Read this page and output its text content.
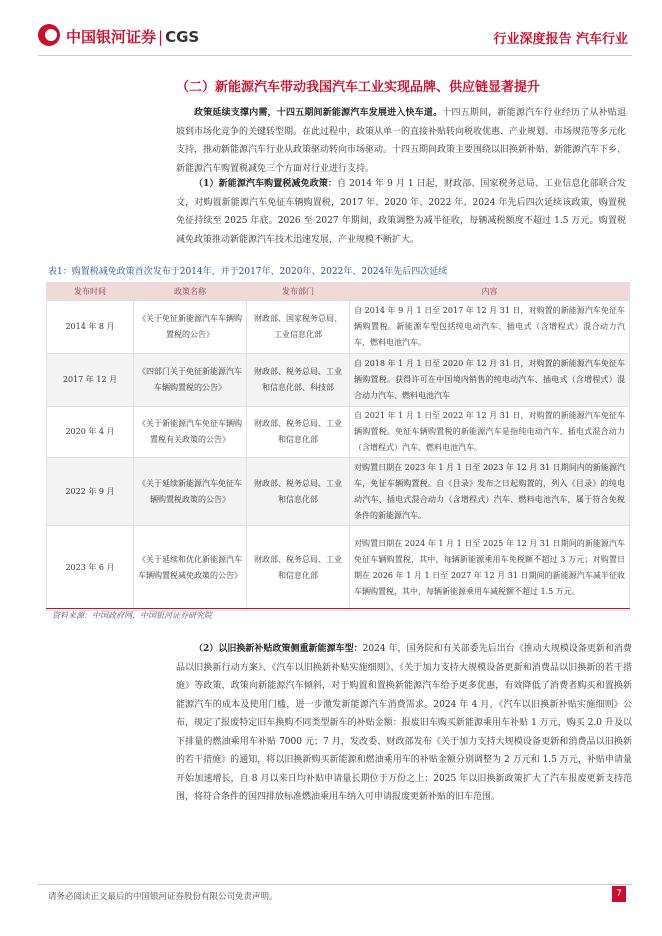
中国银河证券 | CGS	行业深度报告 汽车行业
（二）新能源汽车带动我国汽车工业实现品牌、供应链显著提升
政策延续支撑内需，十四五期间新能源汽车发展进入快车道。十四五期间，新能源汽车行业经历了从补贴退坡到市场化竞争的关键转型期。在此过程中，政策从单一的直接补贴转向税收优惠、产业规划、市场规范等多元化支持，推动新能源汽车行业从政策驱动转向市场驱动。十四五期间政策主要围绕以旧换新补贴、新能源汽车下乡、新能源汽车购置税减免三个方面对行业进行支持。
（1）新能源汽车购置税减免政策：自 2014 年 9 月 1 日起，财政部、国家税务总局、工业信息化部联合发文，对购置新能源汽车免征车辆购置税，2017 年、2020 年、2022 年、2024 年先后四次延续该政策，购置税免征持续至 2025 年底。2026 至 2027 年期间，政策调整为减半征收，每辆减税额度不超过 1.5 万元。购置税减免政策推动新能源汽车技术迅速发展，产业规模不断扩大。
表1：购置税减免政策首次发布于2014年，并于2017年、2020年、2022年、2024年先后四次延续
发布时间	政策名称	发布部门	内容
2014 年 8 月	《关于免征新能源汽车车辆购置税的公告》	财政部、国家税务总局、工业信息化部	自 2014 年 9 月 1 日至 2017 年 12 月 31 日，对购置的新能源汽车免征车辆购置税。新能源车型包括纯电动汽车、插电式（含增程式）混合动力汽车、燃料电池汽车。
2017 年 12 月	《四部门关于免征新能源汽车车辆购置税的公告》	财政部、税务总局、工业和信息化部、科技部	自 2018 年 1 月 1 日至 2020 年 12 月 31 日，对购置的新能源汽车免征车辆购置税。获得许可在中国境内销售的纯电动汽车、插电式（含增程式）混合动力汽车、燃料电池汽车
2020 年 4 月	《关于新能源汽车免征车辆购置税有关政策的公告》	财政部、税务总局、工业和信息化部	自 2021 年 1 月 1 日至 2022 年 12 月 31 日，对购置的新能源汽车免征车辆购置税。免征车辆购置税的新能源汽车是指纯电动汽车、插电式混合动力（含增程式）汽车、燃料电池汽车。
2022 年 9 月	《关于延续新能源汽车免征车辆购置税政策的公告》	财政部、税务总局、工业和信息化部	对购置日期在 2023 年 1 月 1 日至 2023 年 12 月 31 日期间内的新能源汽车，免征车辆购置税。自《目录》发布之日起购置的，列入《目录》的纯电动汽车、插电式混合动力（含增程式）汽车、燃料电池汽车，属于符合免税条件的新能源汽车。
2023 年 6 月	《关于延续和优化新能源汽车车辆购置税减免政策的公告》	财政部、税务总局、工业和信息化部	对购置日期在 2024 年 1 月 1 日至 2025 年 12 月 31 日期间的新能源汽车免征车辆购置税，其中，每辆新能源乘用车免税额不超过 3 万元；对购置日期在 2026 年 1 月 1 日至 2027 年 12 月 31 日期间的新能源汽车减半征收车辆购置税，其中，每辆新能源乘用车减税额不超过 1.5 万元。
资料来源：中国政府网，中国银河证券研究院
（2）以旧换新补贴政策侧重新能源车型：2024 年，国务院和有关部委先后出台《推动大规模设备更新和消费品以旧换新行动方案》、《汽车以旧换新补贴实施细则》、《关于加力支持大规模设备更新和消费品以旧换新的若干措施》等政策，政策向新能源汽车倾斜，对于购置和置换新能源汽车给予更多优惠，有效降低了消费者购买和置换新能源汽车的成本及使用门槛，进一步激发新能源汽车消费需求。2024 年 4 月，《汽车以旧换新补贴实施细则》公布，规定了报废特定旧车换购不同类型新车的补贴金额：报废旧车购买新能源乘用车补贴 1 万元，购买 2.0 升及以下排量的燃油乘用车补贴 7000 元；7 月，发改委、财政部发布《关于加力支持大规模设备更新和消费品以旧换新的若干措施》的通知，将以旧换新购买新能源和燃油乘用车的补贴金额分别调整为 2 万元和 1.5 万元，补贴申请量开始加速增长，自 8 月以来日均补贴申请量长期位于万份之上；2025 年以旧换新政策扩大了汽车报废更新支持范围，将符合条件的国四排放标准燃油乘用车纳入可申请报废更新补贴的旧车范围。
请务必阅读正文最后的中国银河证券股份有限公司免责声明。	7
